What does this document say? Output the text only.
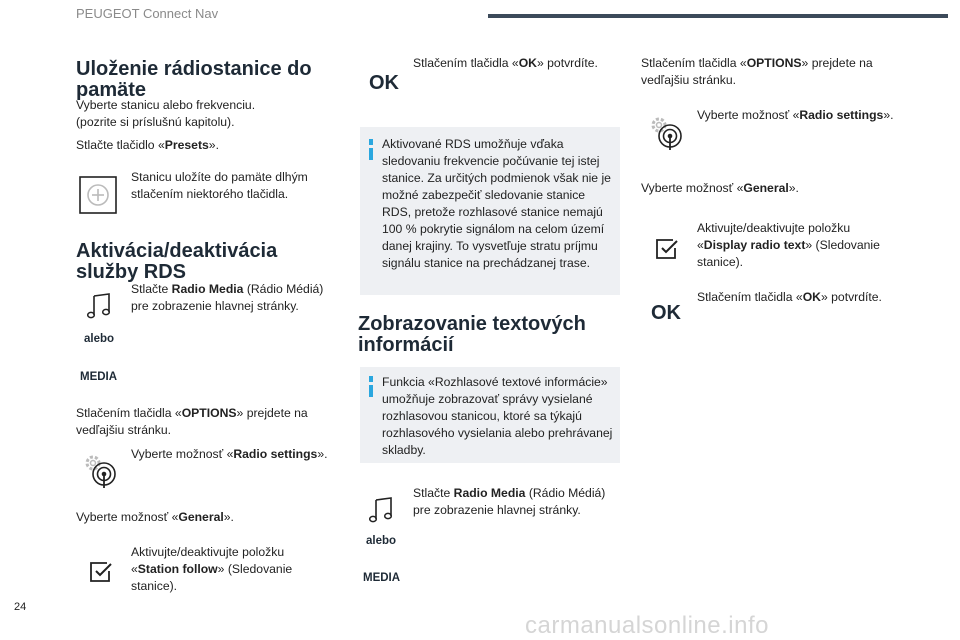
PEUGEOT Connect Nav
Uloženie rádiostanice do pamäte
Vyberte stanicu alebo frekvenciu.
(pozrite si príslušnú kapitolu).
Stlačte tlačidlo «Presets».
Stanicu uložíte do pamäte dlhým stlačením niektorého tlačidla.
Aktivácia/deaktivácia služby RDS
Stlačte Radio Media (Rádio Médiá) pre zobrazenie hlavnej stránky.
alebo
MEDIA
Stlačením tlačidla «OPTIONS» prejdete na vedľajšiu stránku.
Vyberte možnosť «Radio settings».
Vyberte možnosť «General».
Aktivujte/deaktivujte položku «Station follow» (Sledovanie stanice).
OK
Stlačením tlačidla «OK» potvrdíte.
Aktivované RDS umožňuje vďaka sledovaniu frekvencie počúvanie tej istej stanice. Za určitých podmienok však nie je možné zabezpečiť sledovanie stanice RDS, pretože rozhlasové stanice nemajú 100 % pokrytie signálom na celom území danej krajiny. To vysvetľuje stratu príjmu signálu stanice na prechádzanej trase.
Zobrazovanie textových informácií
Funkcia «Rozhlasové textové informácie» umožňuje zobrazovať správy vysielané rozhlasovou stanicou, ktoré sa týkajú rozhlasového vysielania alebo prehrávanej skladby.
Stlačte Radio Media (Rádio Médiá) pre zobrazenie hlavnej stránky.
alebo
MEDIA
Stlačením tlačidla «OPTIONS» prejdete na vedľajšiu stránku.
Vyberte možnosť «Radio settings».
Vyberte možnosť «General».
Aktivujte/deaktivujte položku «Display radio text» (Sledovanie stanice).
OK
Stlačením tlačidla «OK» potvrdíte.
24
carmanualsonline.info
